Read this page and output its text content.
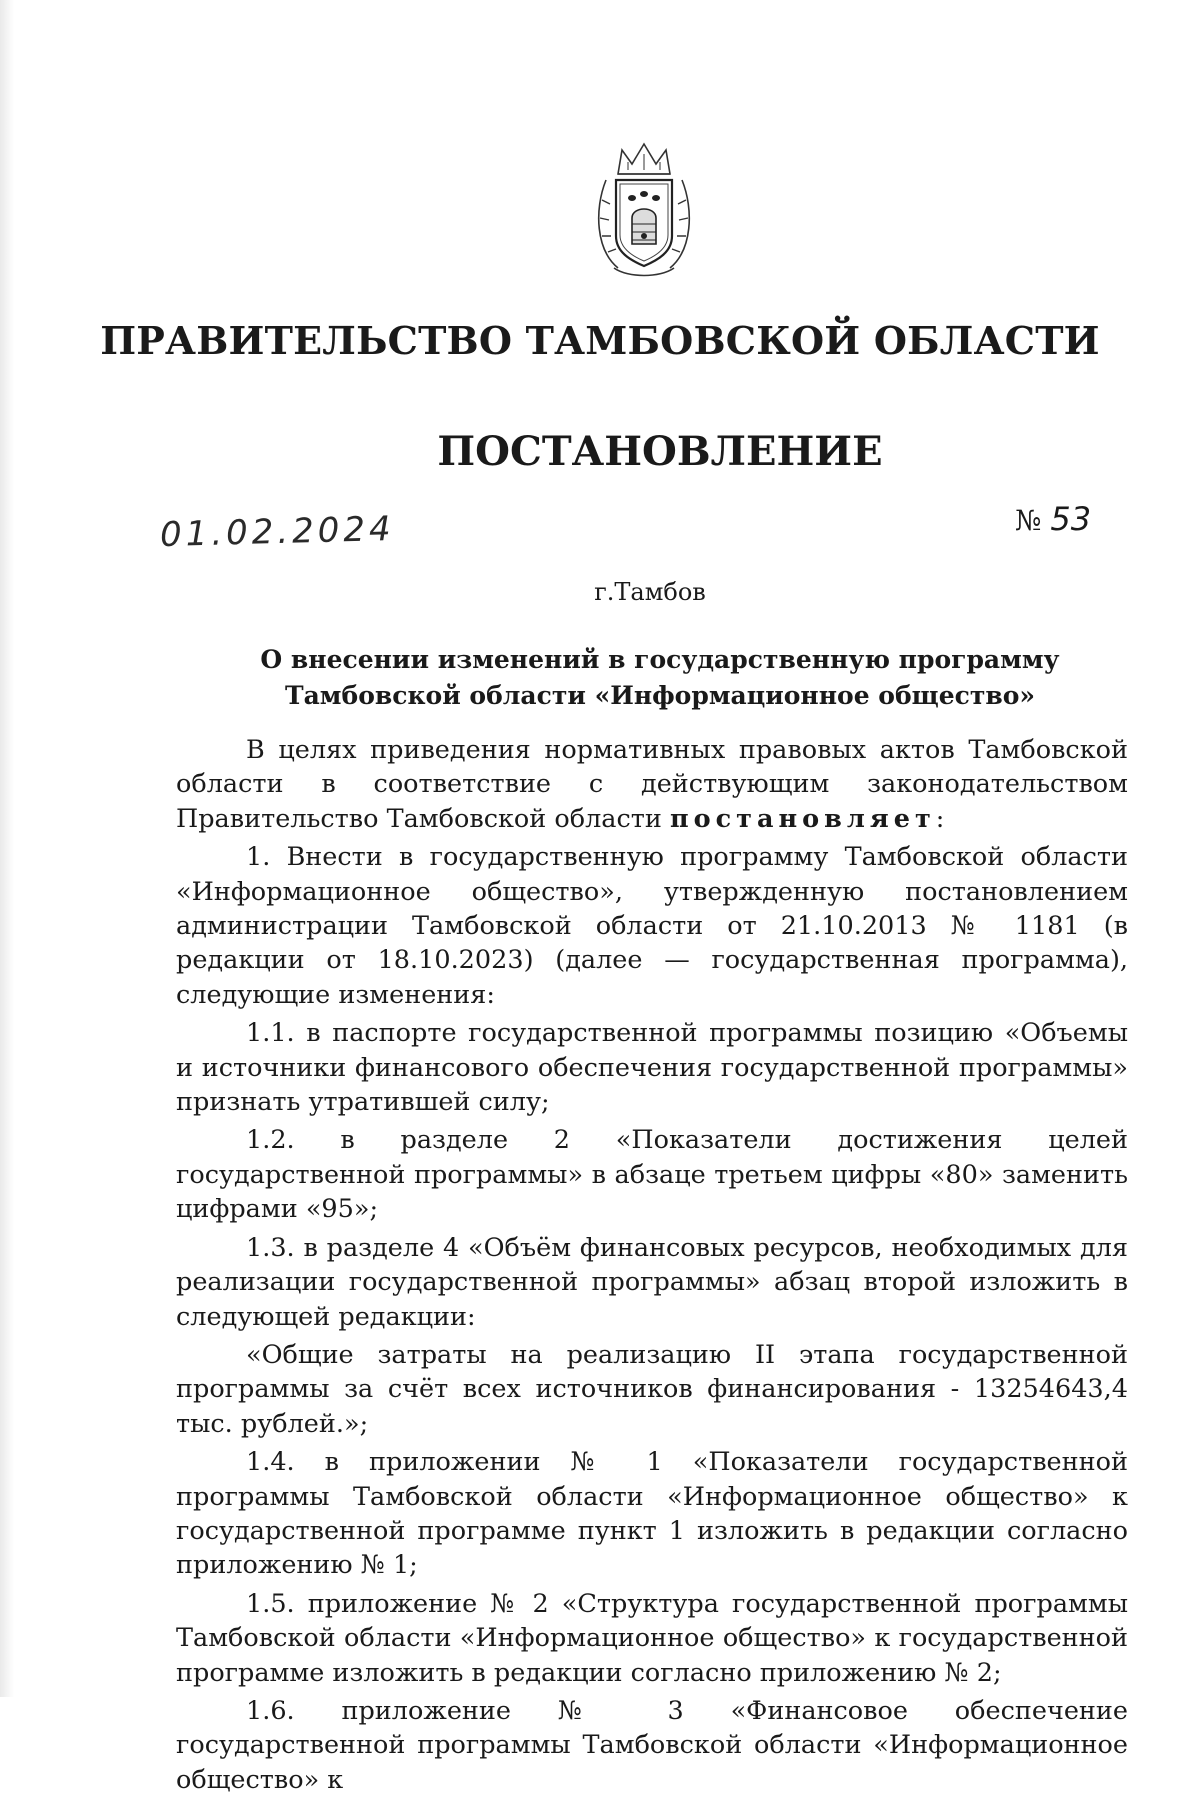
ПРАВИТЕЛЬСТВО ТАМБОВСКОЙ ОБЛАСТИ
ПОСТАНОВЛЕНИЕ
01.02.2024	№ 53
г.Тамбов
О внесении изменений в государственную программу
Тамбовской области «Информационное общество»

В целях приведения нормативных правовых актов Тамбовской области в соответствие с действующим законодательством Правительство Тамбовской области постановляет:

1. Внести в государственную программу Тамбовской области «Информационное общество», утвержденную постановлением администрации Тамбовской области от 21.10.2013 № 1181 (в редакции от 18.10.2023) (далее — государственная программа), следующие изменения:

1.1. в паспорте государственной программы позицию «Объемы и источники финансового обеспечения государственной программы» признать утратившей силу;

1.2. в разделе 2 «Показатели достижения целей государственной программы» в абзаце третьем цифры «80» заменить цифрами «95»;

1.3. в разделе 4 «Объём финансовых ресурсов, необходимых для реализации государственной программы» абзац второй изложить в следующей редакции:

«Общие затраты на реализацию II этапа государственной программы за счёт всех источников финансирования - 13254643,4 тыс. рублей.»;

1.4. в приложении № 1 «Показатели государственной программы Тамбовской области «Информационное общество» к государственной программе пункт 1 изложить в редакции согласно приложению № 1;

1.5. приложение № 2 «Структура государственной программы Тамбовской области «Информационное общество» к государственной программе изложить в редакции согласно приложению № 2;

1.6. приложение № 3 «Финансовое обеспечение государственной программы Тамбовской области «Информационное общество» к
